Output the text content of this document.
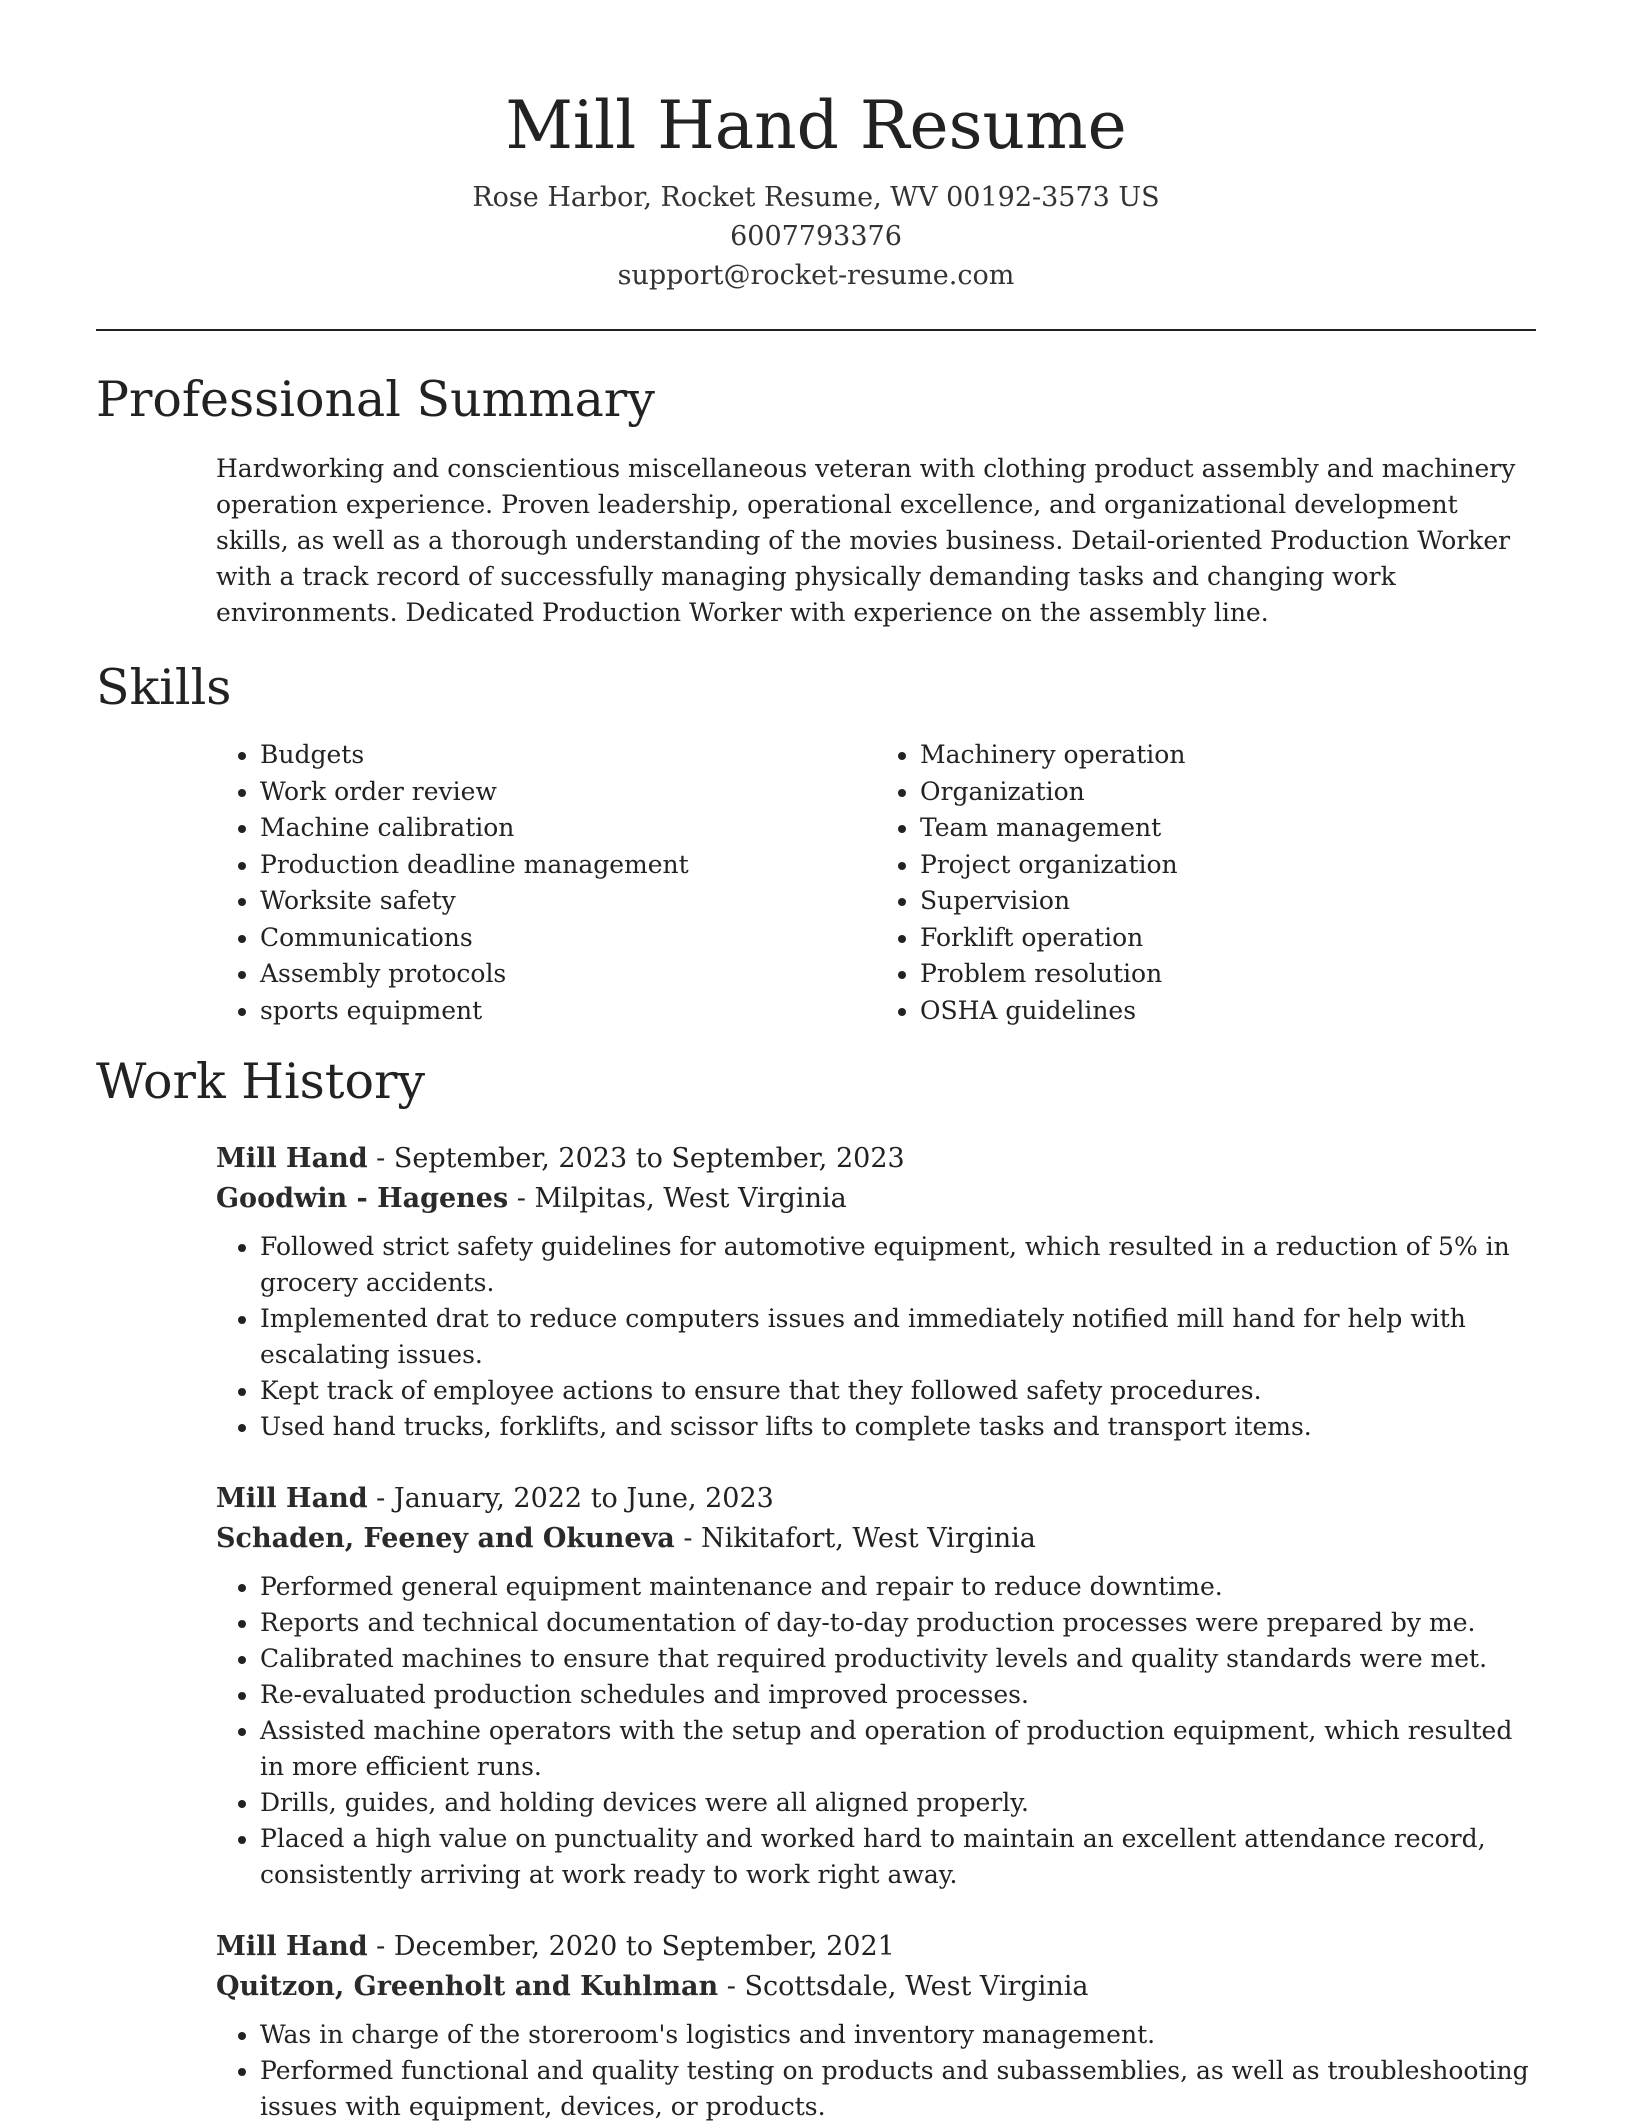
Mill Hand Resume
Rose Harbor, Rocket Resume, WV 00192-3573 US
6007793376
support@rocket-resume.com
Professional Summary
Hardworking and conscientious miscellaneous veteran with clothing product assembly and machinery operation experience. Proven leadership, operational excellence, and organizational development skills, as well as a thorough understanding of the movies business. Detail-oriented Production Worker with a track record of successfully managing physically demanding tasks and changing work environments. Dedicated Production Worker with experience on the assembly line.
Skills
• Budgets
• Work order review
• Machine calibration
• Production deadline management
• Worksite safety
• Communications
• Assembly protocols
• sports equipment
• Machinery operation
• Organization
• Team management
• Project organization
• Supervision
• Forklift operation
• Problem resolution
• OSHA guidelines
Work History
Mill Hand - September, 2023 to September, 2023
Goodwin - Hagenes - Milpitas, West Virginia
• Followed strict safety guidelines for automotive equipment, which resulted in a reduction of 5% in grocery accidents.
• Implemented drat to reduce computers issues and immediately notified mill hand for help with escalating issues.
• Kept track of employee actions to ensure that they followed safety procedures.
• Used hand trucks, forklifts, and scissor lifts to complete tasks and transport items.
Mill Hand - January, 2022 to June, 2023
Schaden, Feeney and Okuneva - Nikitafort, West Virginia
• Performed general equipment maintenance and repair to reduce downtime.
• Reports and technical documentation of day-to-day production processes were prepared by me.
• Calibrated machines to ensure that required productivity levels and quality standards were met.
• Re-evaluated production schedules and improved processes.
• Assisted machine operators with the setup and operation of production equipment, which resulted in more efficient runs.
• Drills, guides, and holding devices were all aligned properly.
• Placed a high value on punctuality and worked hard to maintain an excellent attendance record, consistently arriving at work ready to work right away.
Mill Hand - December, 2020 to September, 2021
Quitzon, Greenholt and Kuhlman - Scottsdale, West Virginia
• Was in charge of the storeroom's logistics and inventory management.
• Performed functional and quality testing on products and subassemblies, as well as troubleshooting issues with equipment, devices, or products.
